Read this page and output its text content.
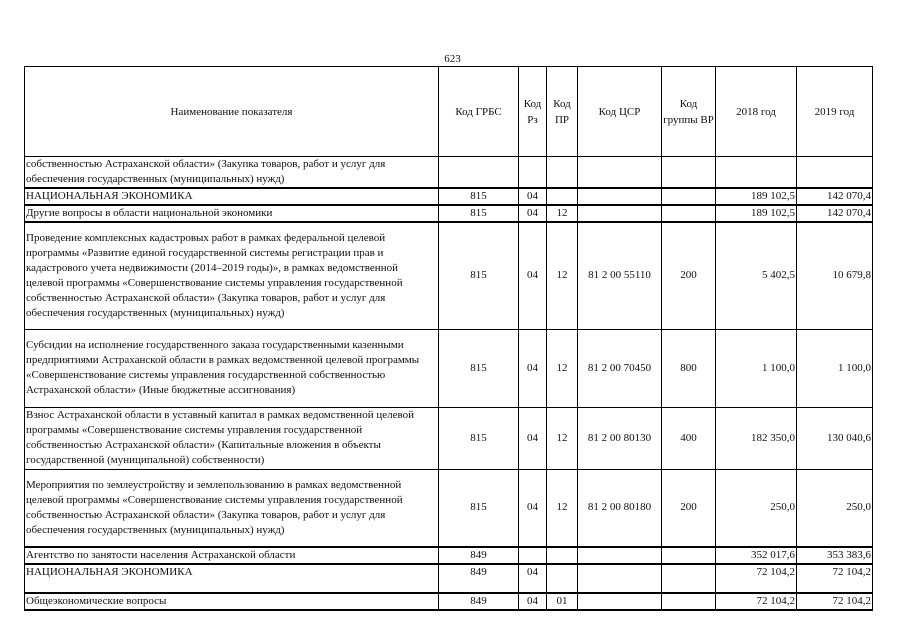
623
Наименование показателя	Код ГРБС	Код Рз	Код ПР	Код ЦСР	Код группы ВР	2018 год	2019 год
собственностью Астраханской области» (Закупка товаров, работ и услуг для обеспечения государственных (муниципальных) нужд)							
НАЦИОНАЛЬНАЯ ЭКОНОМИКА	815	04				189 102,5	142 070,4
Другие вопросы в области национальной экономики	815	04	12			189 102,5	142 070,4
Проведение комплексных кадастровых работ в рамках федеральной целевой программы «Развитие единой государственной системы регистрации прав и кадастрового учета недвижимости (2014–2019 годы)», в рамках ведомственной целевой программы «Совершенствование системы управления государственной собственностью Астраханской области» (Закупка товаров, работ и услуг для обеспечения государственных (муниципальных) нужд)	815	04	12	81 2 00 55110	200	5 402,5	10 679,8
Субсидии на исполнение государственного заказа государственными казенными предприятиями Астраханской области в рамках ведомственной целевой программы «Совершенствование системы управления государственной собственностью Астраханской области» (Иные бюджетные ассигнования)	815	04	12	81 2 00 70450	800	1 100,0	1 100,0
Взнос Астраханской области в уставный капитал в рамках ведомственной целевой программы «Совершенствование системы управления государственной собственностью Астраханской области» (Капитальные вложения в объекты государственной (муниципальной) собственности)	815	04	12	81 2 00 80130	400	182 350,0	130 040,6
Мероприятия по землеустройству и землепользованию в рамках ведомственной целевой программы «Совершенствование системы управления государственной собственностью Астраханской области» (Закупка товаров, работ и услуг для обеспечения государственных (муниципальных) нужд)	815	04	12	81 2 00 80180	200	250,0	250,0
Агентство по занятости населения Астраханской области	849					352 017,6	353 383,6
НАЦИОНАЛЬНАЯ ЭКОНОМИКА	849	04				72 104,2	72 104,2
Общеэкономические вопросы	849	04	01			72 104,2	72 104,2
